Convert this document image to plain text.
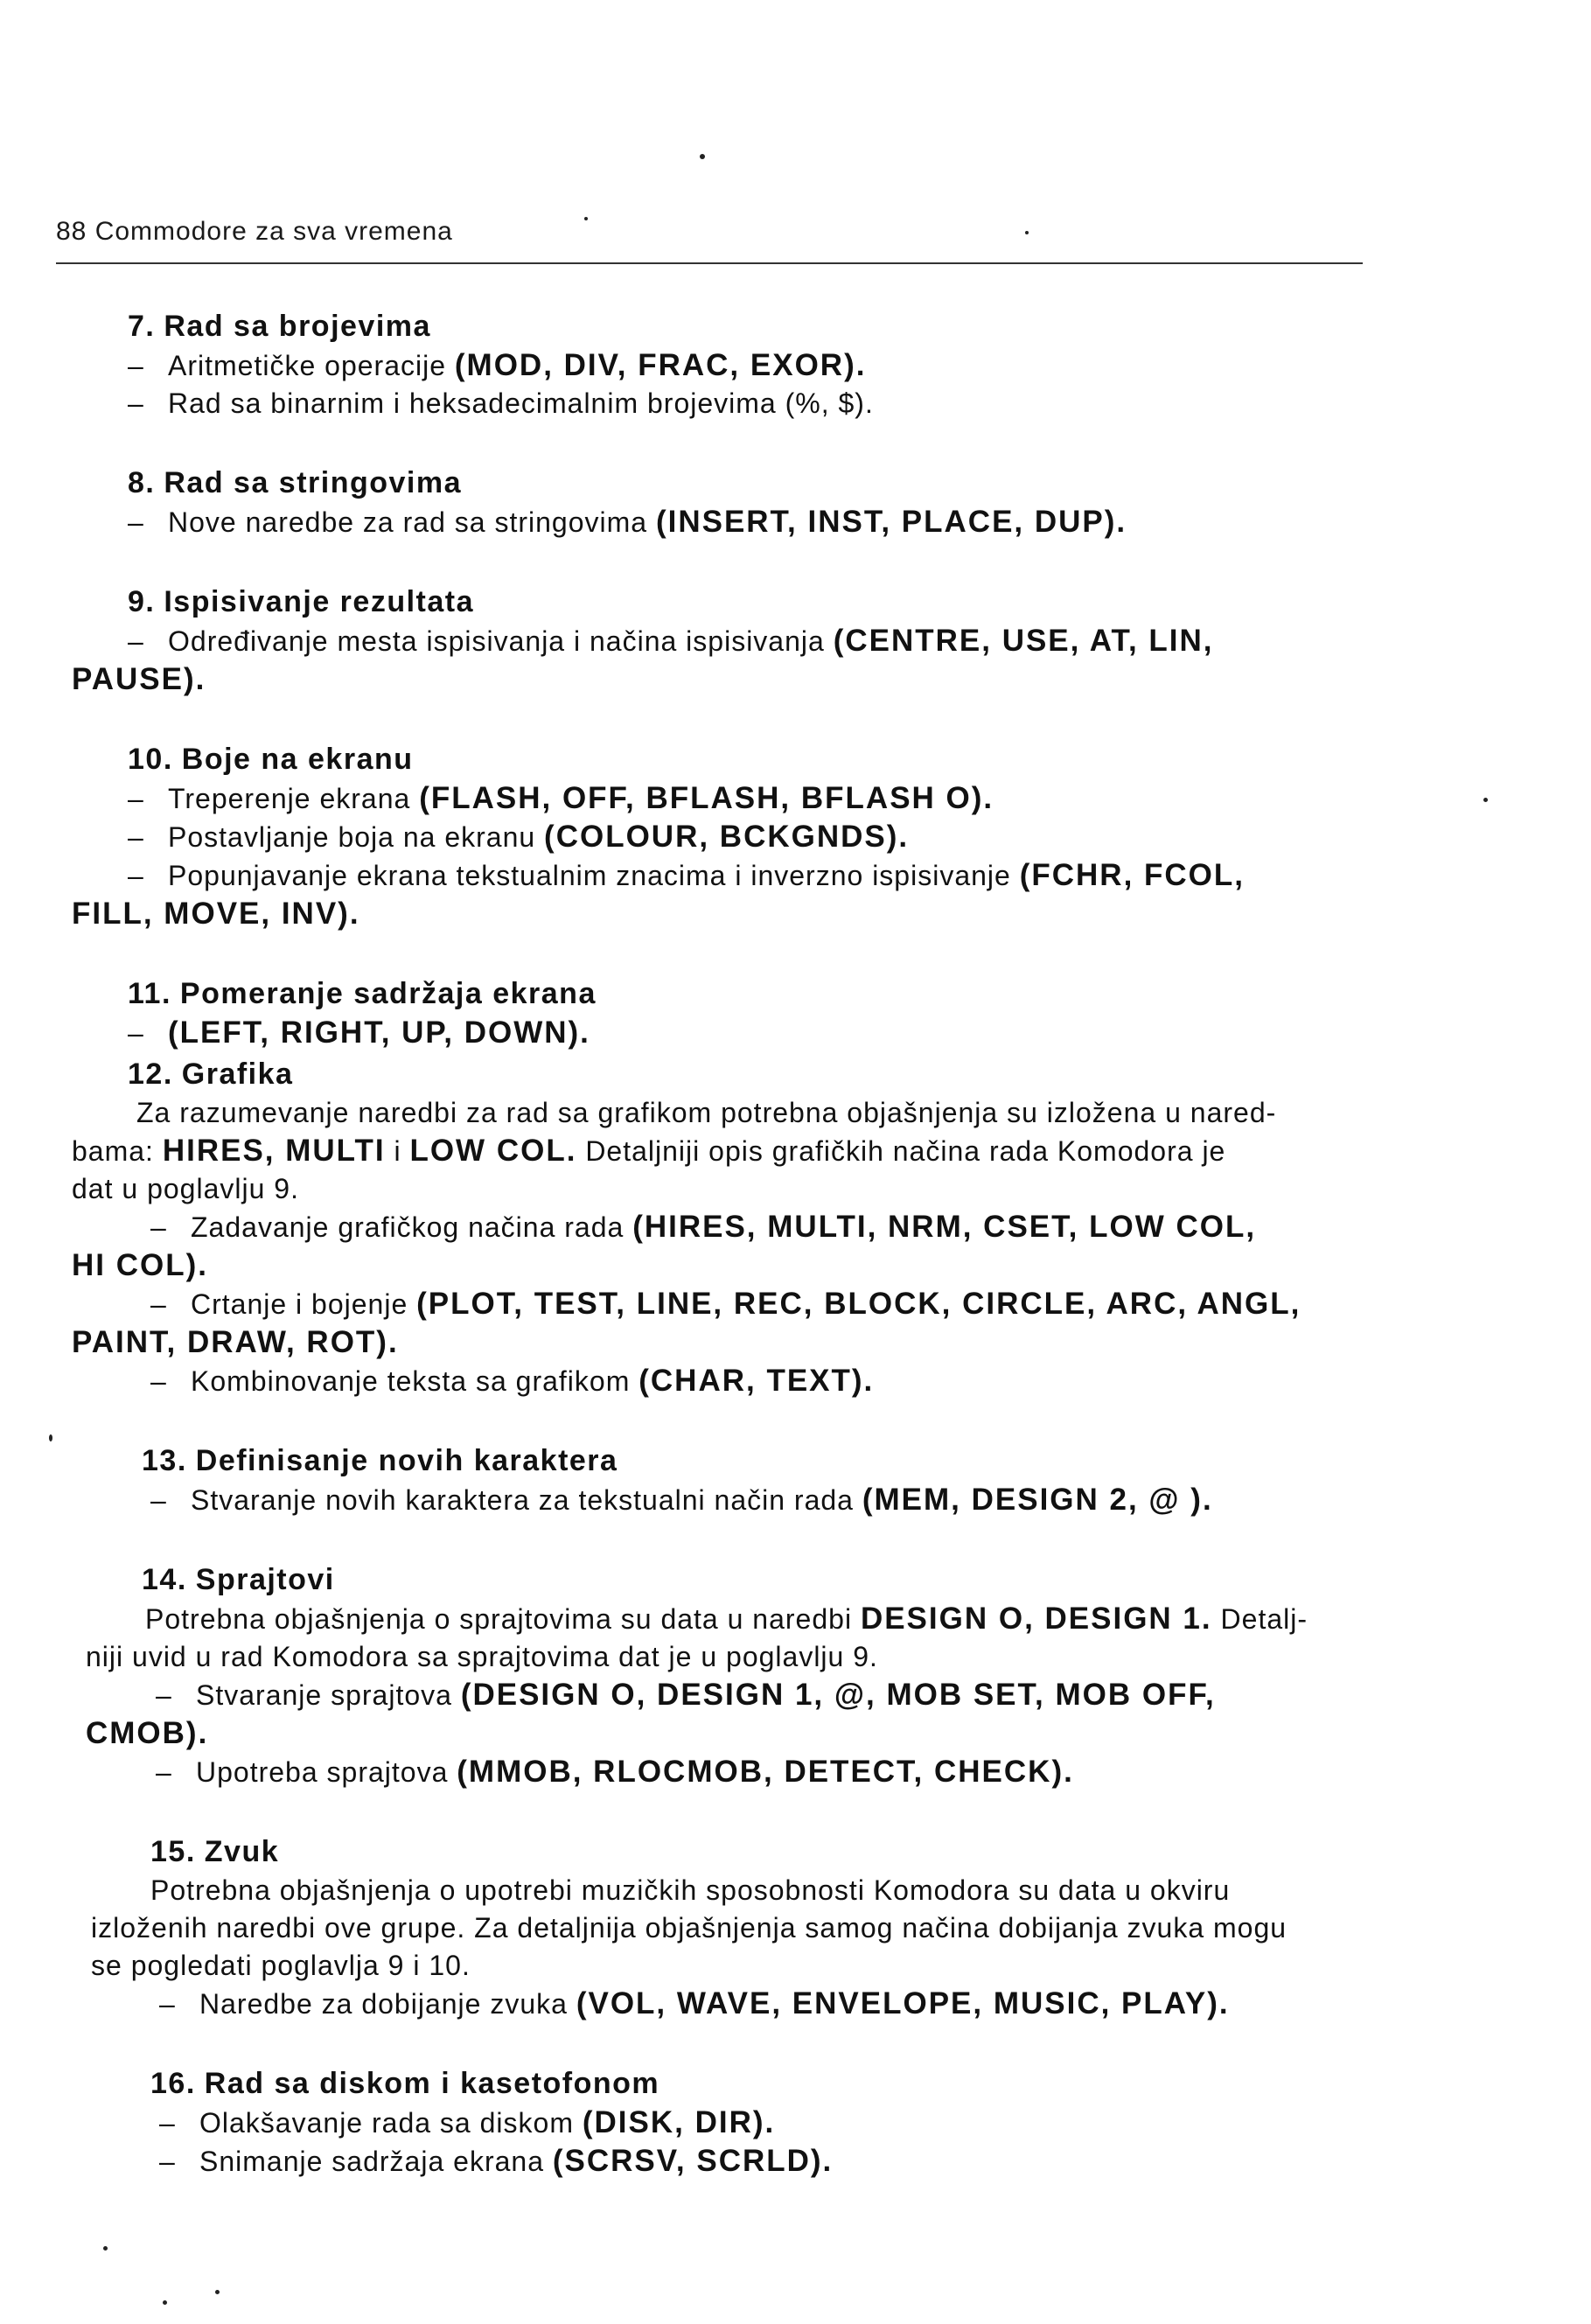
88 Commodore za sva vremena
7. Rad sa brojevima
– Aritmetičke operacije (MOD, DIV, FRAC, EXOR).
– Rad sa binarnim i heksadecimalnim brojevima (%, $).
8. Rad sa stringovima
– Nove naredbe za rad sa stringovima (INSERT, INST, PLACE, DUP).
9. Ispisivanje rezultata
– Određivanje mesta ispisivanja i načina ispisivanja (CENTRE, USE, AT, LIN,
PAUSE).
10. Boje na ekranu
– Treperenje ekrana (FLASH, OFF, BFLASH, BFLASH O).
– Postavljanje boja na ekranu (COLOUR, BCKGNDS).
– Popunjavanje ekrana tekstualnim znacima i inverzno ispisivanje (FCHR, FCOL,
FILL, MOVE, INV).
11. Pomeranje sadržaja ekrana
– (LEFT, RIGHT, UP, DOWN).
12. Grafika
Za razumevanje naredbi za rad sa grafikom potrebna objašnjenja su izložena u nared-
bama: HIRES, MULTI i LOW COL. Detaljniji opis grafičkih načina rada Komodora je
dat u poglavlju 9.
– Zadavanje grafičkog načina rada (HIRES, MULTI, NRM, CSET, LOW COL,
HI COL).
– Crtanje i bojenje (PLOT, TEST, LINE, REC, BLOCK, CIRCLE, ARC, ANGL,
PAINT, DRAW, ROT).
– Kombinovanje teksta sa grafikom (CHAR, TEXT).
13. Definisanje novih karaktera
– Stvaranje novih karaktera za tekstualni način rada (MEM, DESIGN 2, @ ).
14. Sprajtovi
Potrebna objašnjenja o sprajtovima su data u naredbi DESIGN O, DESIGN 1. Detalj-
niji uvid u rad Komodora sa sprajtovima dat je u poglavlju 9.
– Stvaranje sprajtova (DESIGN O, DESIGN 1, @, MOB SET, MOB OFF,
CMOB).
– Upotreba sprajtova (MMOB, RLOCMOB, DETECT, CHECK).
15. Zvuk
Potrebna objašnjenja o upotrebi muzičkih sposobnosti Komodora su data u okviru
izloženih naredbi ove grupe. Za detaljnija objašnjenja samog načina dobijanja zvuka mogu
se pogledati poglavlja 9 i 10.
– Naredbe za dobijanje zvuka (VOL, WAVE, ENVELOPE, MUSIC, PLAY).
16. Rad sa diskom i kasetofonom
– Olakšavanje rada sa diskom (DISK, DIR).
– Snimanje sadržaja ekrana (SCRSV, SCRLD).
